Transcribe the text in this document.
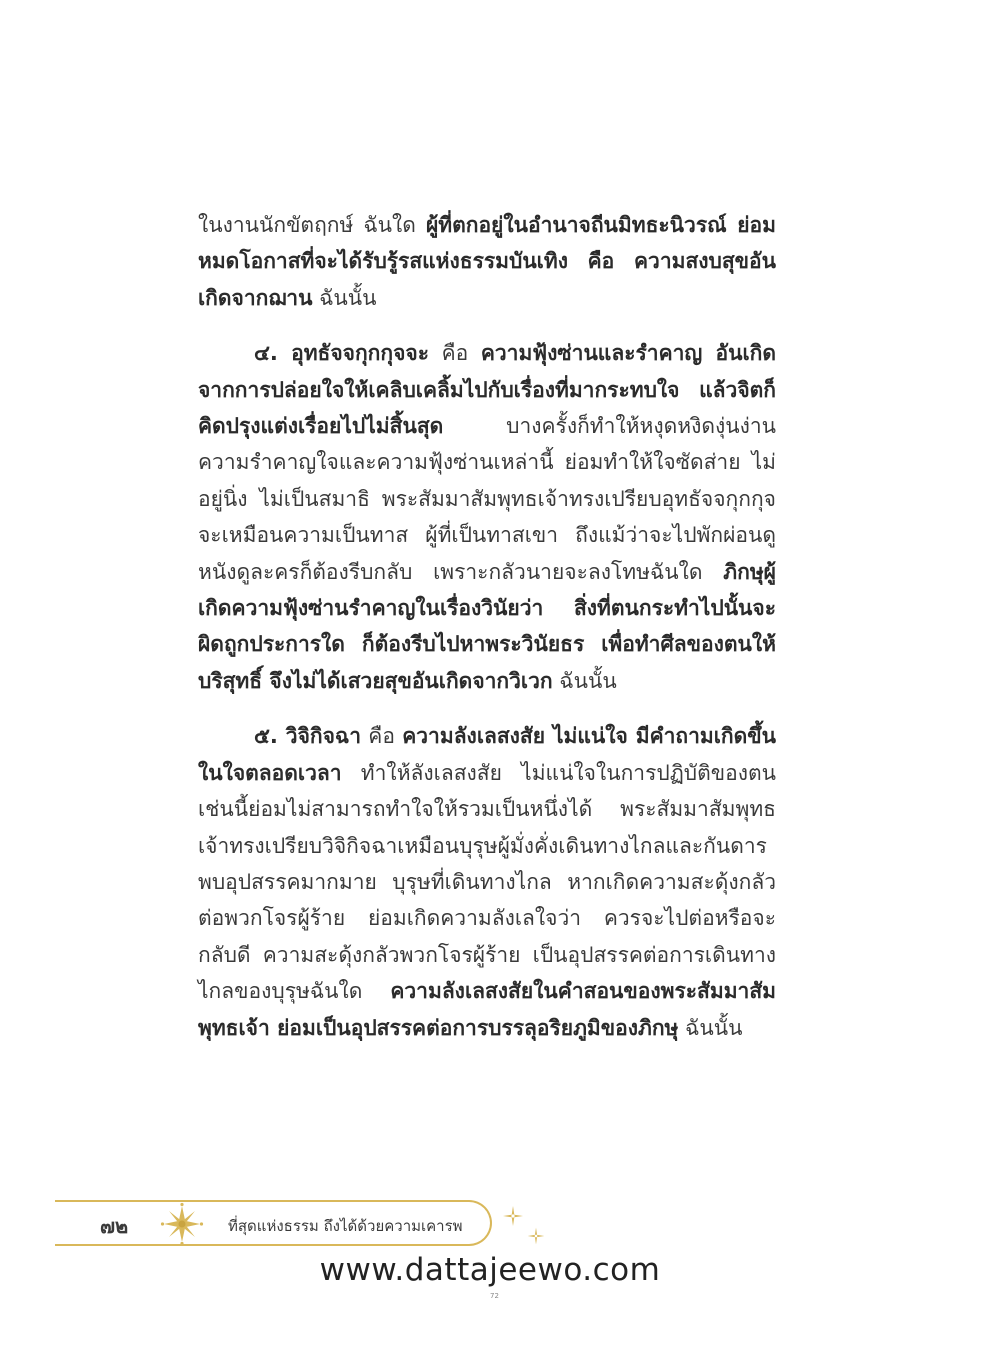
ในงานนักขัตฤกษ์ ฉันใด ผู้ที่ตกอยู่ในอำนาจถีนมิทธะนิวรณ์ ย่อมหมดโอกาสที่จะได้รับรู้รสแห่งธรรมบันเทิง คือ ความสงบสุขอันเกิดจากฌาน ฉันนั้น

๔. อุทธัจจกุกกุจจะ คือ ความฟุ้งซ่านและรำคาญ อันเกิดจากการปล่อยใจให้เคลิบเคลิ้มไปกับเรื่องที่มากระทบใจ แล้วจิตก็คิดปรุงแต่งเรื่อยไปไม่สิ้นสุด บางครั้งก็ทำให้หงุดหงิดงุ่นง่าน ความรำคาญใจและความฟุ้งซ่านเหล่านี้ ย่อมทำให้ใจซัดส่าย ไม่อยู่นิ่ง ไม่เป็นสมาธิ พระสัมมาสัมพุทธเจ้าทรงเปรียบอุทธัจจกุกกุจจะเหมือนความเป็นทาส ผู้ที่เป็นทาสเขา ถึงแม้ว่าจะไปพักผ่อนดูหนังดูละครก็ต้องรีบกลับ เพราะกลัวนายจะลงโทษฉันใด ภิกษุผู้เกิดความฟุ้งซ่านรำคาญในเรื่องวินัยว่า สิ่งที่ตนกระทำไปนั้นจะผิดถูกประการใด ก็ต้องรีบไปหาพระวินัยธร เพื่อทำศีลของตนให้บริสุทธิ์ จึงไม่ได้เสวยสุขอันเกิดจากวิเวก ฉันนั้น

๕. วิจิกิจฉา คือ ความลังเลสงสัย ไม่แน่ใจ มีคำถามเกิดขึ้นในใจตลอดเวลา ทำให้ลังเลสงสัย ไม่แน่ใจในการปฏิบัติของตน เช่นนี้ย่อมไม่สามารถทำใจให้รวมเป็นหนึ่งได้ พระสัมมาสัมพุทธเจ้าทรงเปรียบวิจิกิจฉาเหมือนบุรุษผู้มั่งคั่งเดินทางไกลและกันดาร พบอุปสรรคมากมาย บุรุษที่เดินทางไกล หากเกิดความสะดุ้งกลัวต่อพวกโจรผู้ร้าย ย่อมเกิดความลังเลใจว่า ควรจะไปต่อหรือจะกลับดี ความสะดุ้งกลัวพวกโจรผู้ร้าย เป็นอุปสรรคต่อการเดินทางไกลของบุรุษฉันใด ความลังเลสงสัยในคำสอนของพระสัมมาสัมพุทธเจ้า ย่อมเป็นอุปสรรคต่อการบรรลุอริยภูมิของภิกษุ ฉันนั้น

๗๒	ที่สุดแห่งธรรม ถึงได้ด้วยความเคารพ
www.dattajeewo.com
72
